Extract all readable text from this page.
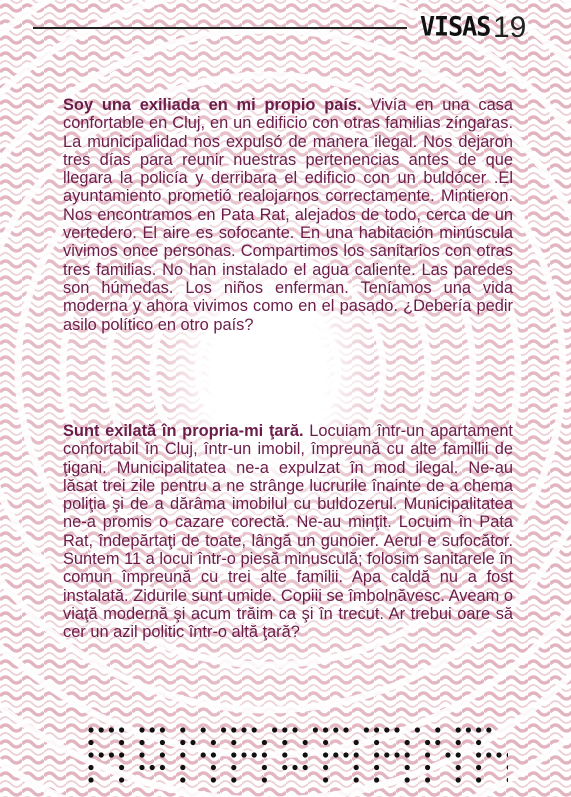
VISAS 19

Soy una exiliada en mi propio país. Vivía en una casa confortable en Cluj, en un edificio con otras familias zíngaras. La municipalidad nos expulsó de manera ilegal. Nos dejaron tres días para reunir nuestras pertenencias antes de que llegara la policía y derribara el edificio con un buldócer .El ayuntamiento prometió realojarnos correctamente. Mintieron. Nos encontramos en Pata Rat, alejados de todo, cerca de un vertedero. El aire es sofocante. En una habitación minúscula vivimos once personas. Compartimos los sanitarios con otras tres familias. No han instalado el agua caliente. Las paredes son húmedas. Los niños enferman. Teníamos una vida moderna y ahora vivimos como en el pasado. ¿Debería pedir asilo político en otro país?

Sunt exilată în propria-mi ţară. Locuiam într-un apartament confortabil în Cluj, într-un imobil, împreună cu alte famillii de ţigani. Municipalitatea ne-a expulzat în mod ilegal. Ne-au lăsat trei zile pentru a ne strânge lucrurile înainte de a chema poliţia şi de a dărâma imobilul cu buldozerul. Municipalitatea ne-a promis o cazare corectă. Ne-au minţit. Locuim în Pata Rat, îndepărtaţi de toate, lângă un gunoier. Aerul e sufocător. Suntem 11 a locui într-o piesă minusculă; folosim sanitarele în comun împreună cu trei alte familii. Apa caldă nu a fost instalată. Zidurile sunt umide. Copiii se îmbolnăvesc. Aveam o viaţă modernă şi acum trăim ca şi în trecut. Ar trebui oare să cer un azil politic într-o altă ţară?
